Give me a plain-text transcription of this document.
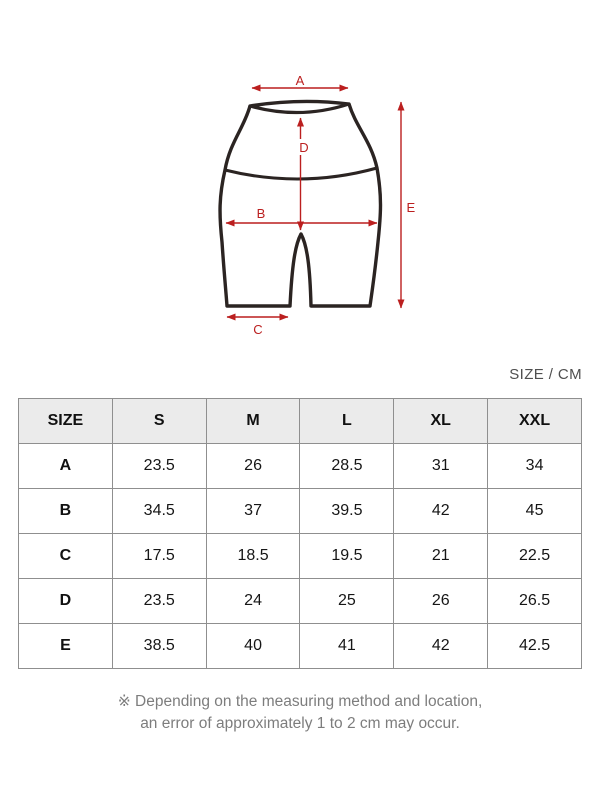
A
D
B	E
C
SIZE / CM
SIZE	S	M	L	XL	XXL
A	23.5	26	28.5	31	34
B	34.5	37	39.5	42	45
C	17.5	18.5	19.5	21	22.5
D	23.5	24	25	26	26.5
E	38.5	40	41	42	42.5
※ Depending on the measuring method and location,
an error of approximately 1 to 2 cm may occur.
